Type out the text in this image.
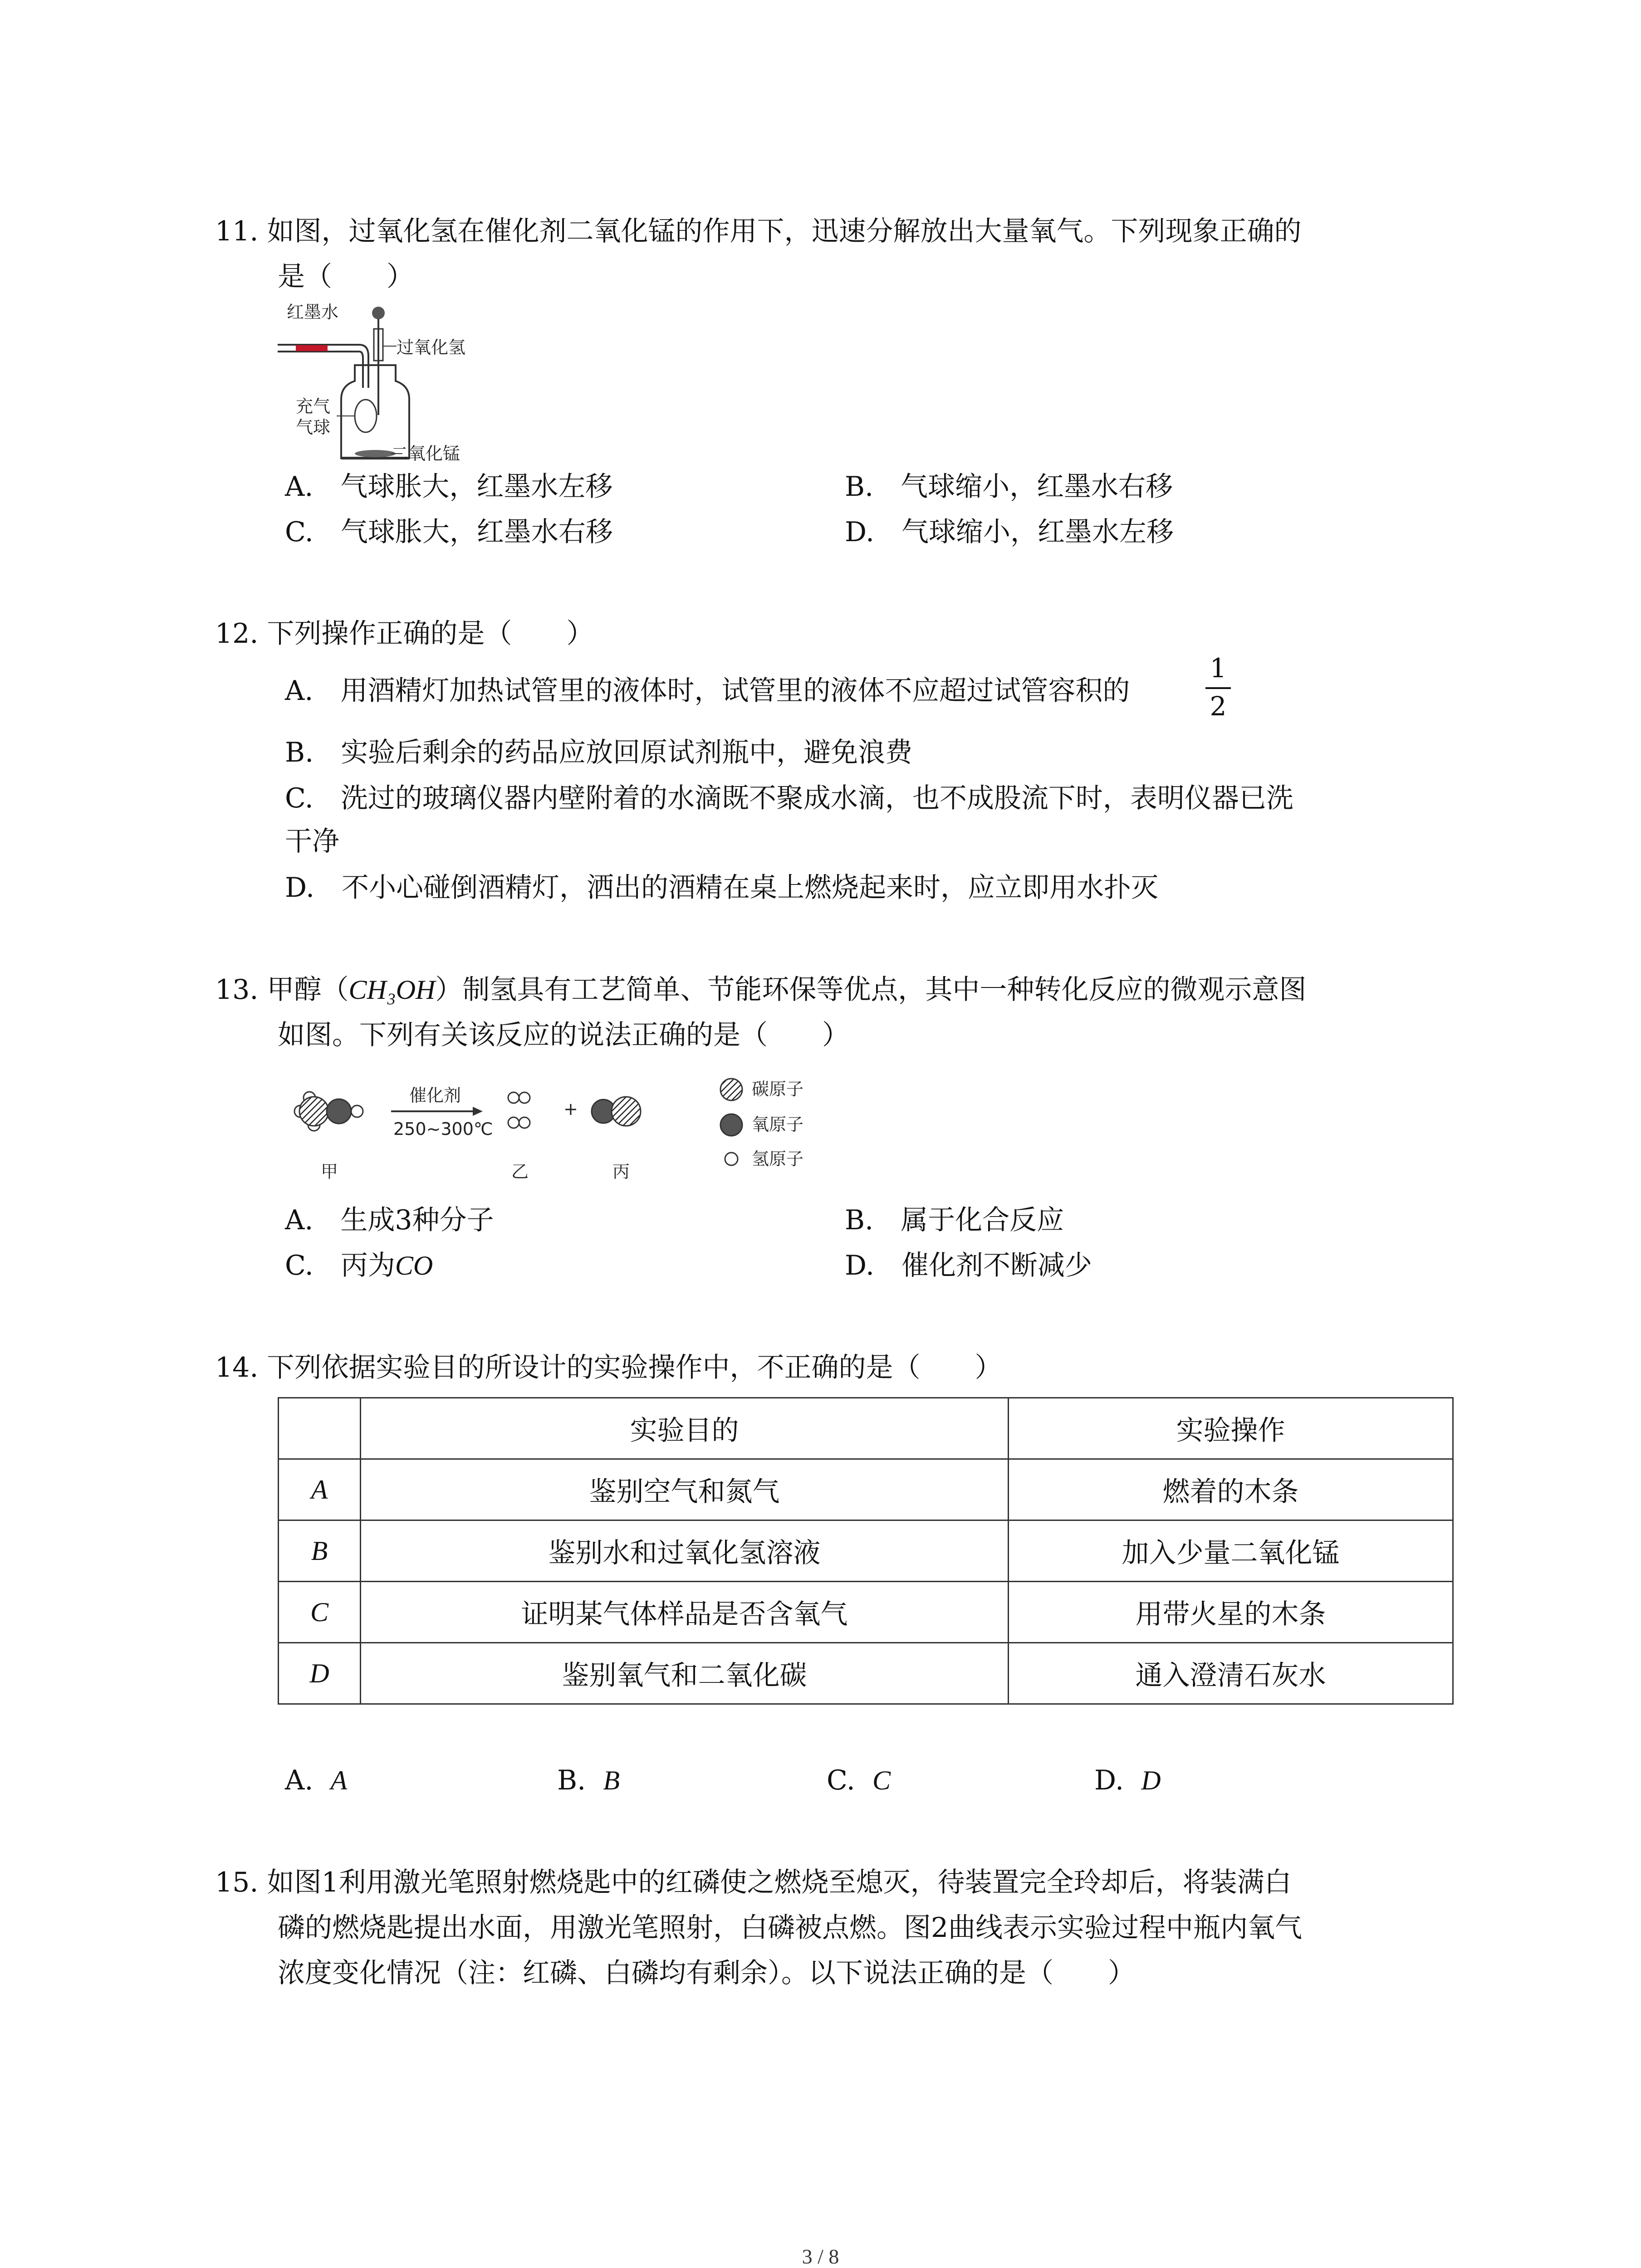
11. 如图，过氧化氢在催化剂二氧化锰的作用下，迅速分解放出大量氧气。下列现象正确的
是（　　）
红墨水
过氧化氢
充气
气球
二氧化锰
A.　气球胀大，红墨水左移	B.　气球缩小，红墨水右移
C.　气球胀大，红墨水右移	D.　气球缩小，红墨水左移
12. 下列操作正确的是（　　）
A.　用酒精灯加热试管里的液体时，试管里的液体不应超过试管容积的
1
2
B.　实验后剩余的药品应放回原试剂瓶中，避免浪费
C.　洗过的玻璃仪器内壁附着的水滴既不聚成水滴，也不成股流下时，表明仪器已洗
干净
D.　不小心碰倒酒精灯，洒出的酒精在桌上燃烧起来时，应立即用水扑灭
13. 甲醇（CH₃OH）制氢具有工艺简单、节能环保等优点，其中一种转化反应的微观示意图
如图。下列有关该反应的说法正确的是（　　）
催化剂
250~300℃
+
甲	乙	丙
碳原子
氧原子
氢原子
A.　生成3种分子	B.　属于化合反应
C.　丙为CO	D.　催化剂不断减少
14. 下列依据实验目的所设计的实验操作中，不正确的是（　　）
	实验目的	实验操作
A	鉴别空气和氮气	燃着的木条
B	鉴别水和过氧化氢溶液	加入少量二氧化锰
C	证明某气体样品是否含氧气	用带火星的木条
D	鉴别氧气和二氧化碳	通入澄清石灰水
A. A	B. B	C. C	D. D
15. 如图1利用激光笔照射燃烧匙中的红磷使之燃烧至熄灭，待装置完全玲却后，将装满白
磷的燃烧匙提出水面，用激光笔照射，白磷被点燃。图2曲线表示实验过程中瓶内氧气
浓度变化情况（注：红磷、白磷均有剩余）。以下说法正确的是（　　）
3 / 8
